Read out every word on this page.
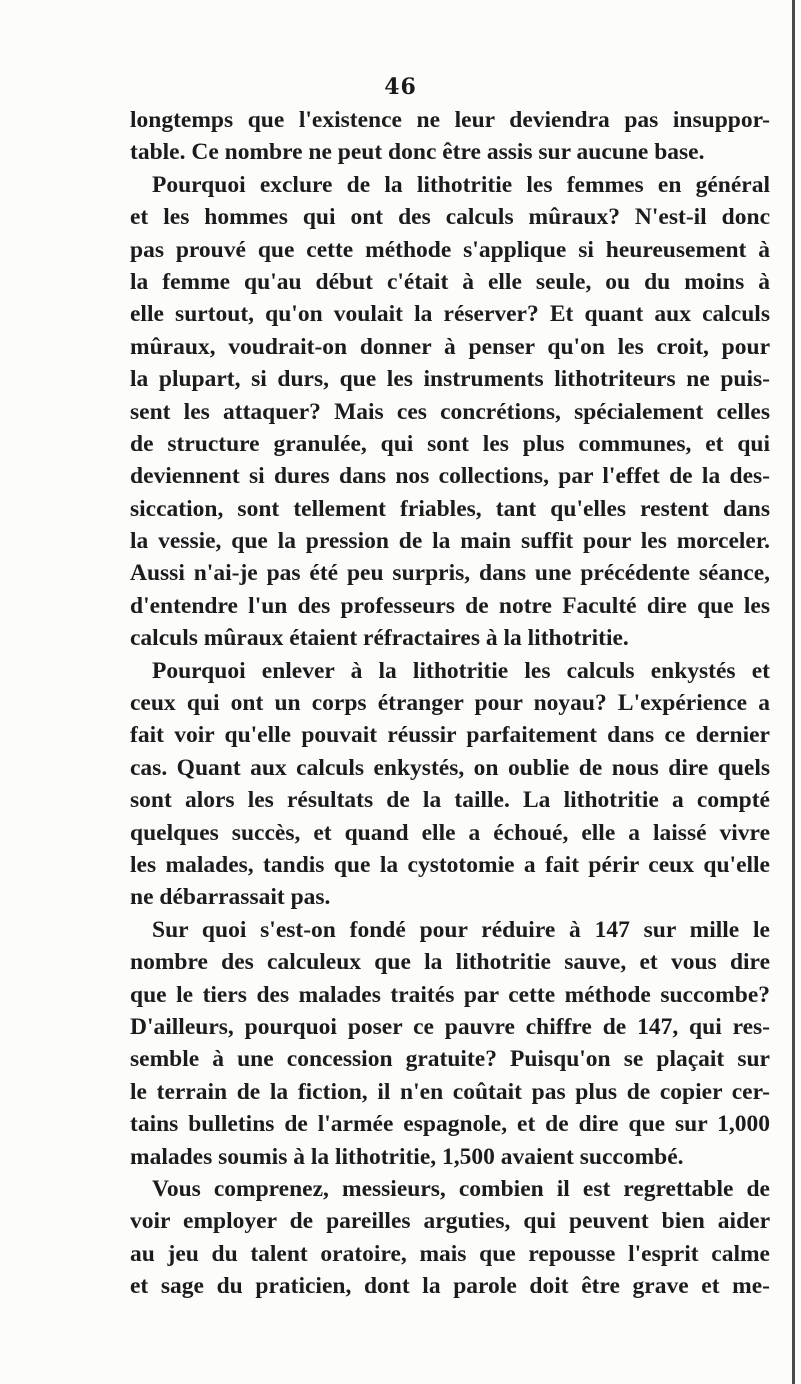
46
longtemps que l'existence ne leur deviendra pas insuppor-
table. Ce nombre ne peut donc être assis sur aucune base.
Pourquoi exclure de la lithotritie les femmes en général
et les hommes qui ont des calculs mûraux? N'est-il donc
pas prouvé que cette méthode s'applique si heureusement à
la femme qu'au début c'était à elle seule, ou du moins à
elle surtout, qu'on voulait la réserver? Et quant aux calculs
mûraux, voudrait-on donner à penser qu'on les croit, pour
la plupart, si durs, que les instruments lithotriteurs ne puis-
sent les attaquer? Mais ces concrétions, spécialement celles
de structure granulée, qui sont les plus communes, et qui
deviennent si dures dans nos collections, par l'effet de la des-
siccation, sont tellement friables, tant qu'elles restent dans
la vessie, que la pression de la main suffit pour les morceler.
Aussi n'ai-je pas été peu surpris, dans une précédente séance,
d'entendre l'un des professeurs de notre Faculté dire que les
calculs mûraux étaient réfractaires à la lithotritie.
Pourquoi enlever à la lithotritie les calculs enkystés et
ceux qui ont un corps étranger pour noyau? L'expérience a
fait voir qu'elle pouvait réussir parfaitement dans ce dernier
cas. Quant aux calculs enkystés, on oublie de nous dire quels
sont alors les résultats de la taille. La lithotritie a compté
quelques succès, et quand elle a échoué, elle a laissé vivre
les malades, tandis que la cystotomie a fait périr ceux qu'elle
ne débarrassait pas.
Sur quoi s'est-on fondé pour réduire à 147 sur mille le
nombre des calculeux que la lithotritie sauve, et vous dire
que le tiers des malades traités par cette méthode succombe?
D'ailleurs, pourquoi poser ce pauvre chiffre de 147, qui res-
semble à une concession gratuite? Puisqu'on se plaçait sur
le terrain de la fiction, il n'en coûtait pas plus de copier cer-
tains bulletins de l'armée espagnole, et de dire que sur 1,000
malades soumis à la lithotritie, 1,500 avaient succombé.
Vous comprenez, messieurs, combien il est regrettable de
voir employer de pareilles arguties, qui peuvent bien aider
au jeu du talent oratoire, mais que repousse l'esprit calme
et sage du praticien, dont la parole doit être grave et me-
